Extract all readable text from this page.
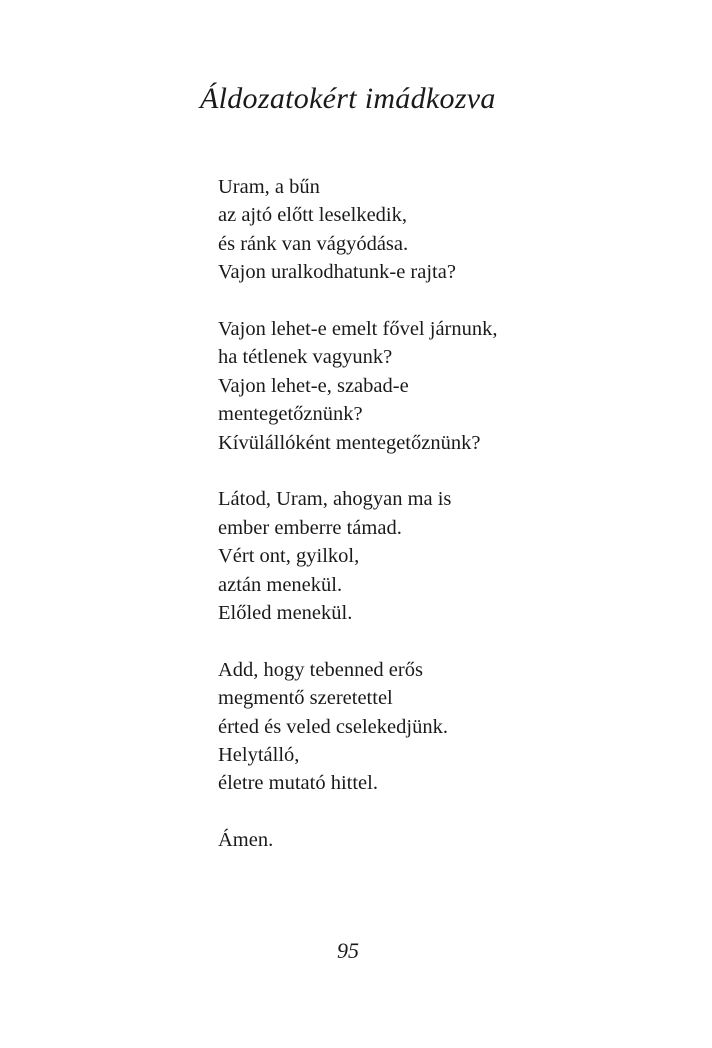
Áldozatokért imádkozva
Uram, a bűn
az ajtó előtt leselkedik,
és ránk van vágyódása.
Vajon uralkodhatunk-e rajta?
Vajon lehet-e emelt fővel járnunk,
ha tétlenek vagyunk?
Vajon lehet-e, szabad-e
mentegetőznünk?
Kívülállóként mentegetőznünk?
Látod, Uram, ahogyan ma is
ember emberre támad.
Vért ont, gyilkol,
aztán menekül.
Előled menekül.
Add, hogy tebenned erős
megmentő szeretettel
érted és veled cselekedjünk.
Helytálló,
életre mutató hittel.
Ámen.
95
